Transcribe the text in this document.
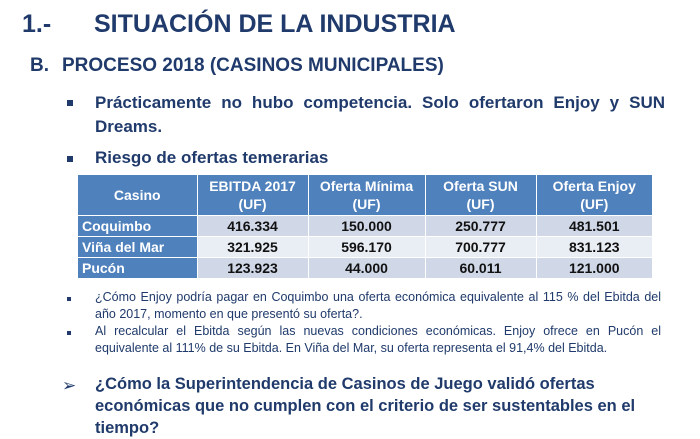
1.- SITUACIÓN DE LA INDUSTRIA
B. PROCESO 2018 (CASINOS MUNICIPALES)
Prácticamente no hubo competencia. Solo ofertaron Enjoy y SUN Dreams.
Riesgo de ofertas temerarias
Casino	EBITDA 2017 (UF)	Oferta Mínima (UF)	Oferta SUN (UF)	Oferta Enjoy (UF)
Coquimbo	416.334	150.000	250.777	481.501
Viña del Mar	321.925	596.170	700.777	831.123
Pucón	123.923	44.000	60.011	121.000
¿Cómo Enjoy podría pagar en Coquimbo una oferta económica equivalente al 115 % del Ebitda del año 2017, momento en que presentó su oferta?.
Al recalcular el Ebitda según las nuevas condiciones económicas. Enjoy ofrece en Pucón el equivalente al 111% de su Ebitda. En Viña del Mar, su oferta representa el 91,4% del Ebitda.
➢ ¿Cómo la Superintendencia de Casinos de Juego validó ofertas económicas que no cumplen con el criterio de ser sustentables en el tiempo?
